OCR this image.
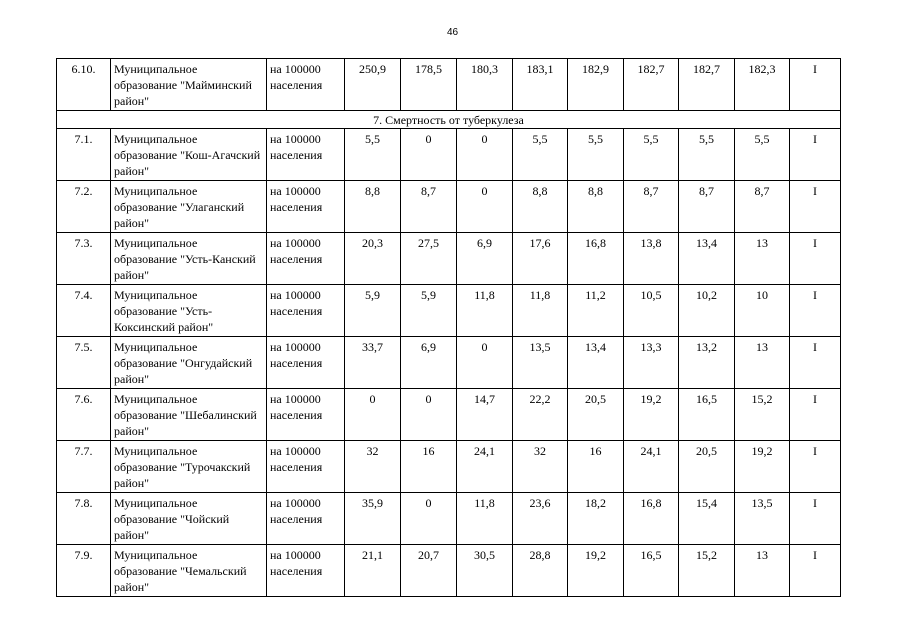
46
6.10.	Муниципальное образование "Майминский район"	на 100000 населения	250,9	178,5	180,3	183,1	182,9	182,7	182,7	182,3	I
7. Смертность от туберкулеза											
7.1.	Муниципальное образование "Кош-Агачский район"	на 100000 населения	5,5	0	0	5,5	5,5	5,5	5,5	5,5	I
7.2.	Муниципальное образование "Улаганский район"	на 100000 населения	8,8	8,7	0	8,8	8,8	8,7	8,7	8,7	I
7.3.	Муниципальное образование "Усть-Канский район"	на 100000 населения	20,3	27,5	6,9	17,6	16,8	13,8	13,4	13	I
7.4.	Муниципальное образование "Усть-Коксинский район"	на 100000 населения	5,9	5,9	11,8	11,8	11,2	10,5	10,2	10	I
7.5.	Муниципальное образование "Онгудайский район"	на 100000 населения	33,7	6,9	0	13,5	13,4	13,3	13,2	13	I
7.6.	Муниципальное образование "Шебалинский район"	на 100000 населения	0	0	14,7	22,2	20,5	19,2	16,5	15,2	I
7.7.	Муниципальное образование "Турочакский район"	на 100000 населения	32	16	24,1	32	16	24,1	20,5	19,2	I
7.8.	Муниципальное образование "Чойский район"	на 100000 населения	35,9	0	11,8	23,6	18,2	16,8	15,4	13,5	I
7.9.	Муниципальное образование "Чемальский район"	на 100000 населения	21,1	20,7	30,5	28,8	19,2	16,5	15,2	13	I
